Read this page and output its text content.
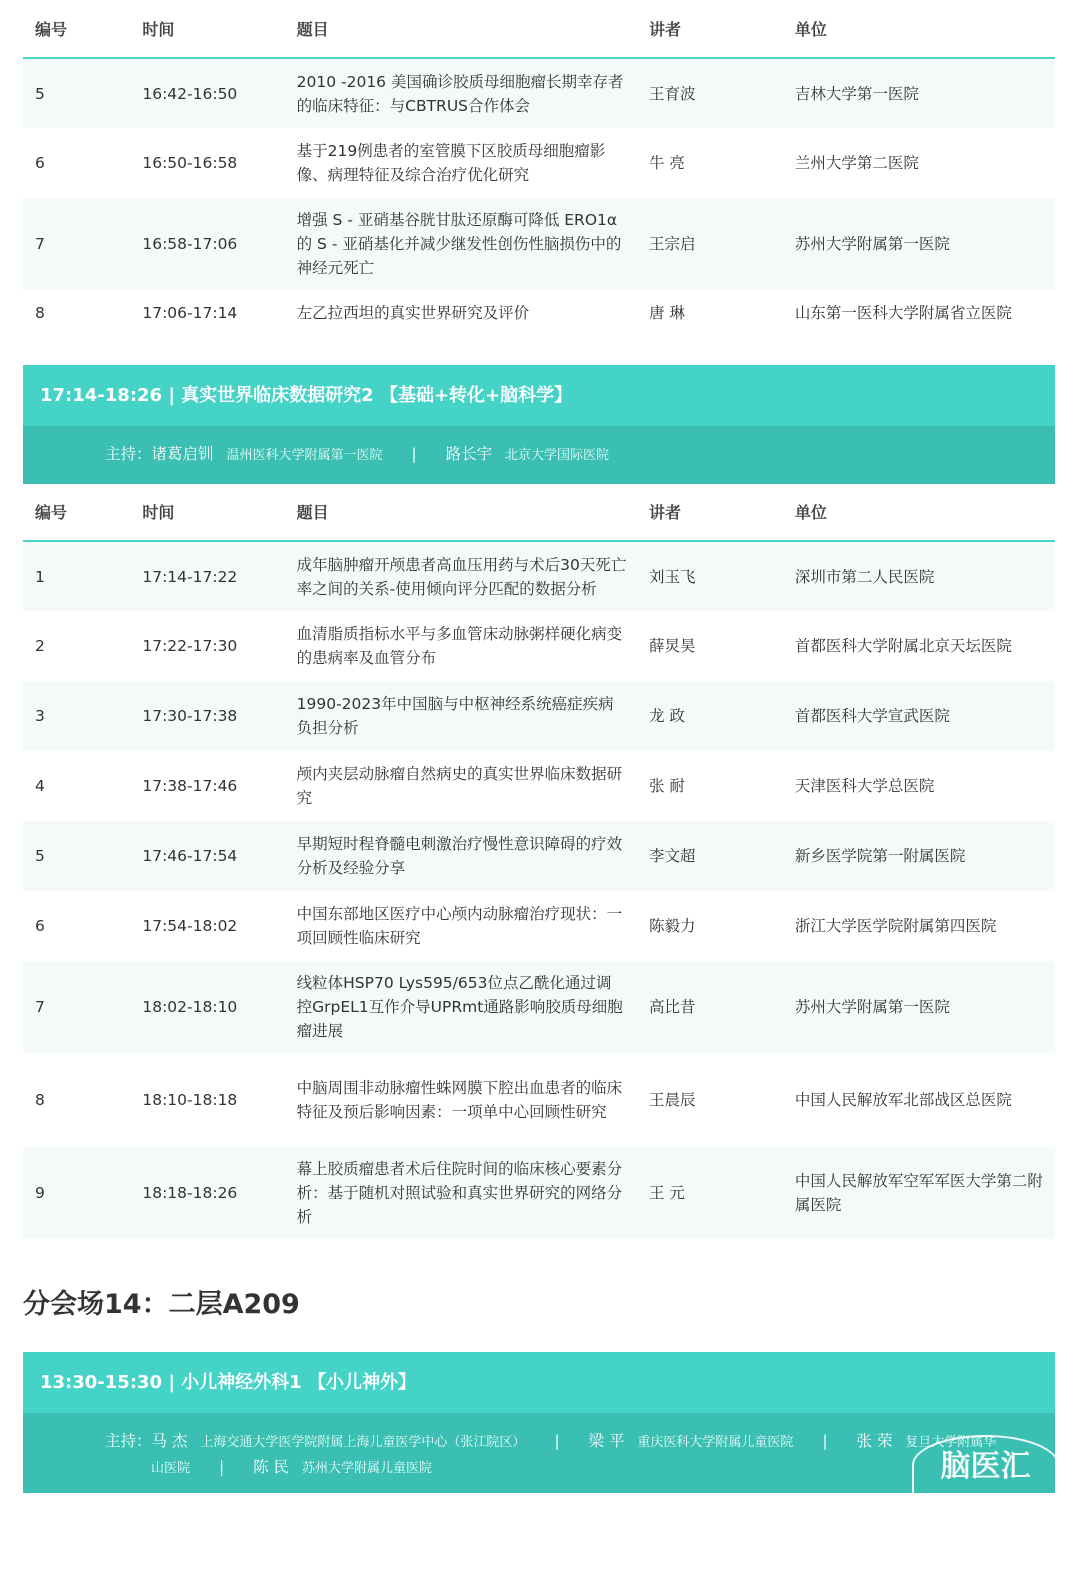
编号	时间	题目	讲者	单位
5	16:42-16:50	2010 -2016 美国确诊胶质母细胞瘤长期幸存者的临床特征：与CBTRUS合作体会	王育波	吉林大学第一医院
6	16:50-16:58	基于219例患者的室管膜下区胶质母细胞瘤影像、病理特征及综合治疗优化研究	牛 亮	兰州大学第二医院
7	16:58-17:06	增强 S - 亚硝基谷胱甘肽还原酶可降低 ERO1α 的 S - 亚硝基化并减少继发性创伤性脑损伤中的神经元死亡	王宗启	苏州大学附属第一医院
8	17:06-17:14	左乙拉西坦的真实世界研究及评价	唐 琳	山东第一医科大学附属省立医院
17:14-18:26 | 真实世界临床数据研究2 【基础+转化+脑科学】
主持：诸葛启钏 温州医科大学附属第一医院 | 路长宇 北京大学国际医院
编号	时间	题目	讲者	单位
1	17:14-17:22	成年脑肿瘤开颅患者高血压用药与术后30天死亡率之间的关系-使用倾向评分匹配的数据分析	刘玉飞	深圳市第二人民医院
2	17:22-17:30	血清脂质指标水平与多血管床动脉粥样硬化病变的患病率及血管分布	薛炅昊	首都医科大学附属北京天坛医院
3	17:30-17:38	1990-2023年中国脑与中枢神经系统癌症疾病负担分析	龙 政	首都医科大学宣武医院
4	17:38-17:46	颅内夹层动脉瘤自然病史的真实世界临床数据研究	张 耐	天津医科大学总医院
5	17:46-17:54	早期短时程脊髓电刺激治疗慢性意识障碍的疗效分析及经验分享	李文超	新乡医学院第一附属医院
6	17:54-18:02	中国东部地区医疗中心颅内动脉瘤治疗现状：一项回顾性临床研究	陈毅力	浙江大学医学院附属第四医院
7	18:02-18:10	线粒体HSP70 Lys595/653位点乙酰化通过调控GrpEL1互作介导UPRmt通路影响胶质母细胞瘤进展	高比昔	苏州大学附属第一医院
8	18:10-18:18	中脑周围非动脉瘤性蛛网膜下腔出血患者的临床特征及预后影响因素：一项单中心回顾性研究	王晨辰	中国人民解放军北部战区总医院
9	18:18-18:26	幕上胶质瘤患者术后住院时间的临床核心要素分析：基于随机对照试验和真实世界研究的网络分析	王 元	中国人民解放军空军军医大学第二附属医院
分会场14：二层A209
13:30-15:30 | 小儿神经外科1 【小儿神外】
主持：马 杰 上海交通大学医学院附属上海儿童医学中心（张江院区） | 梁 平 重庆医科大学附属儿童医院 | 张 荣 复旦大学附属华
山医院 | 陈 民 苏州大学附属儿童医院	脑医汇
